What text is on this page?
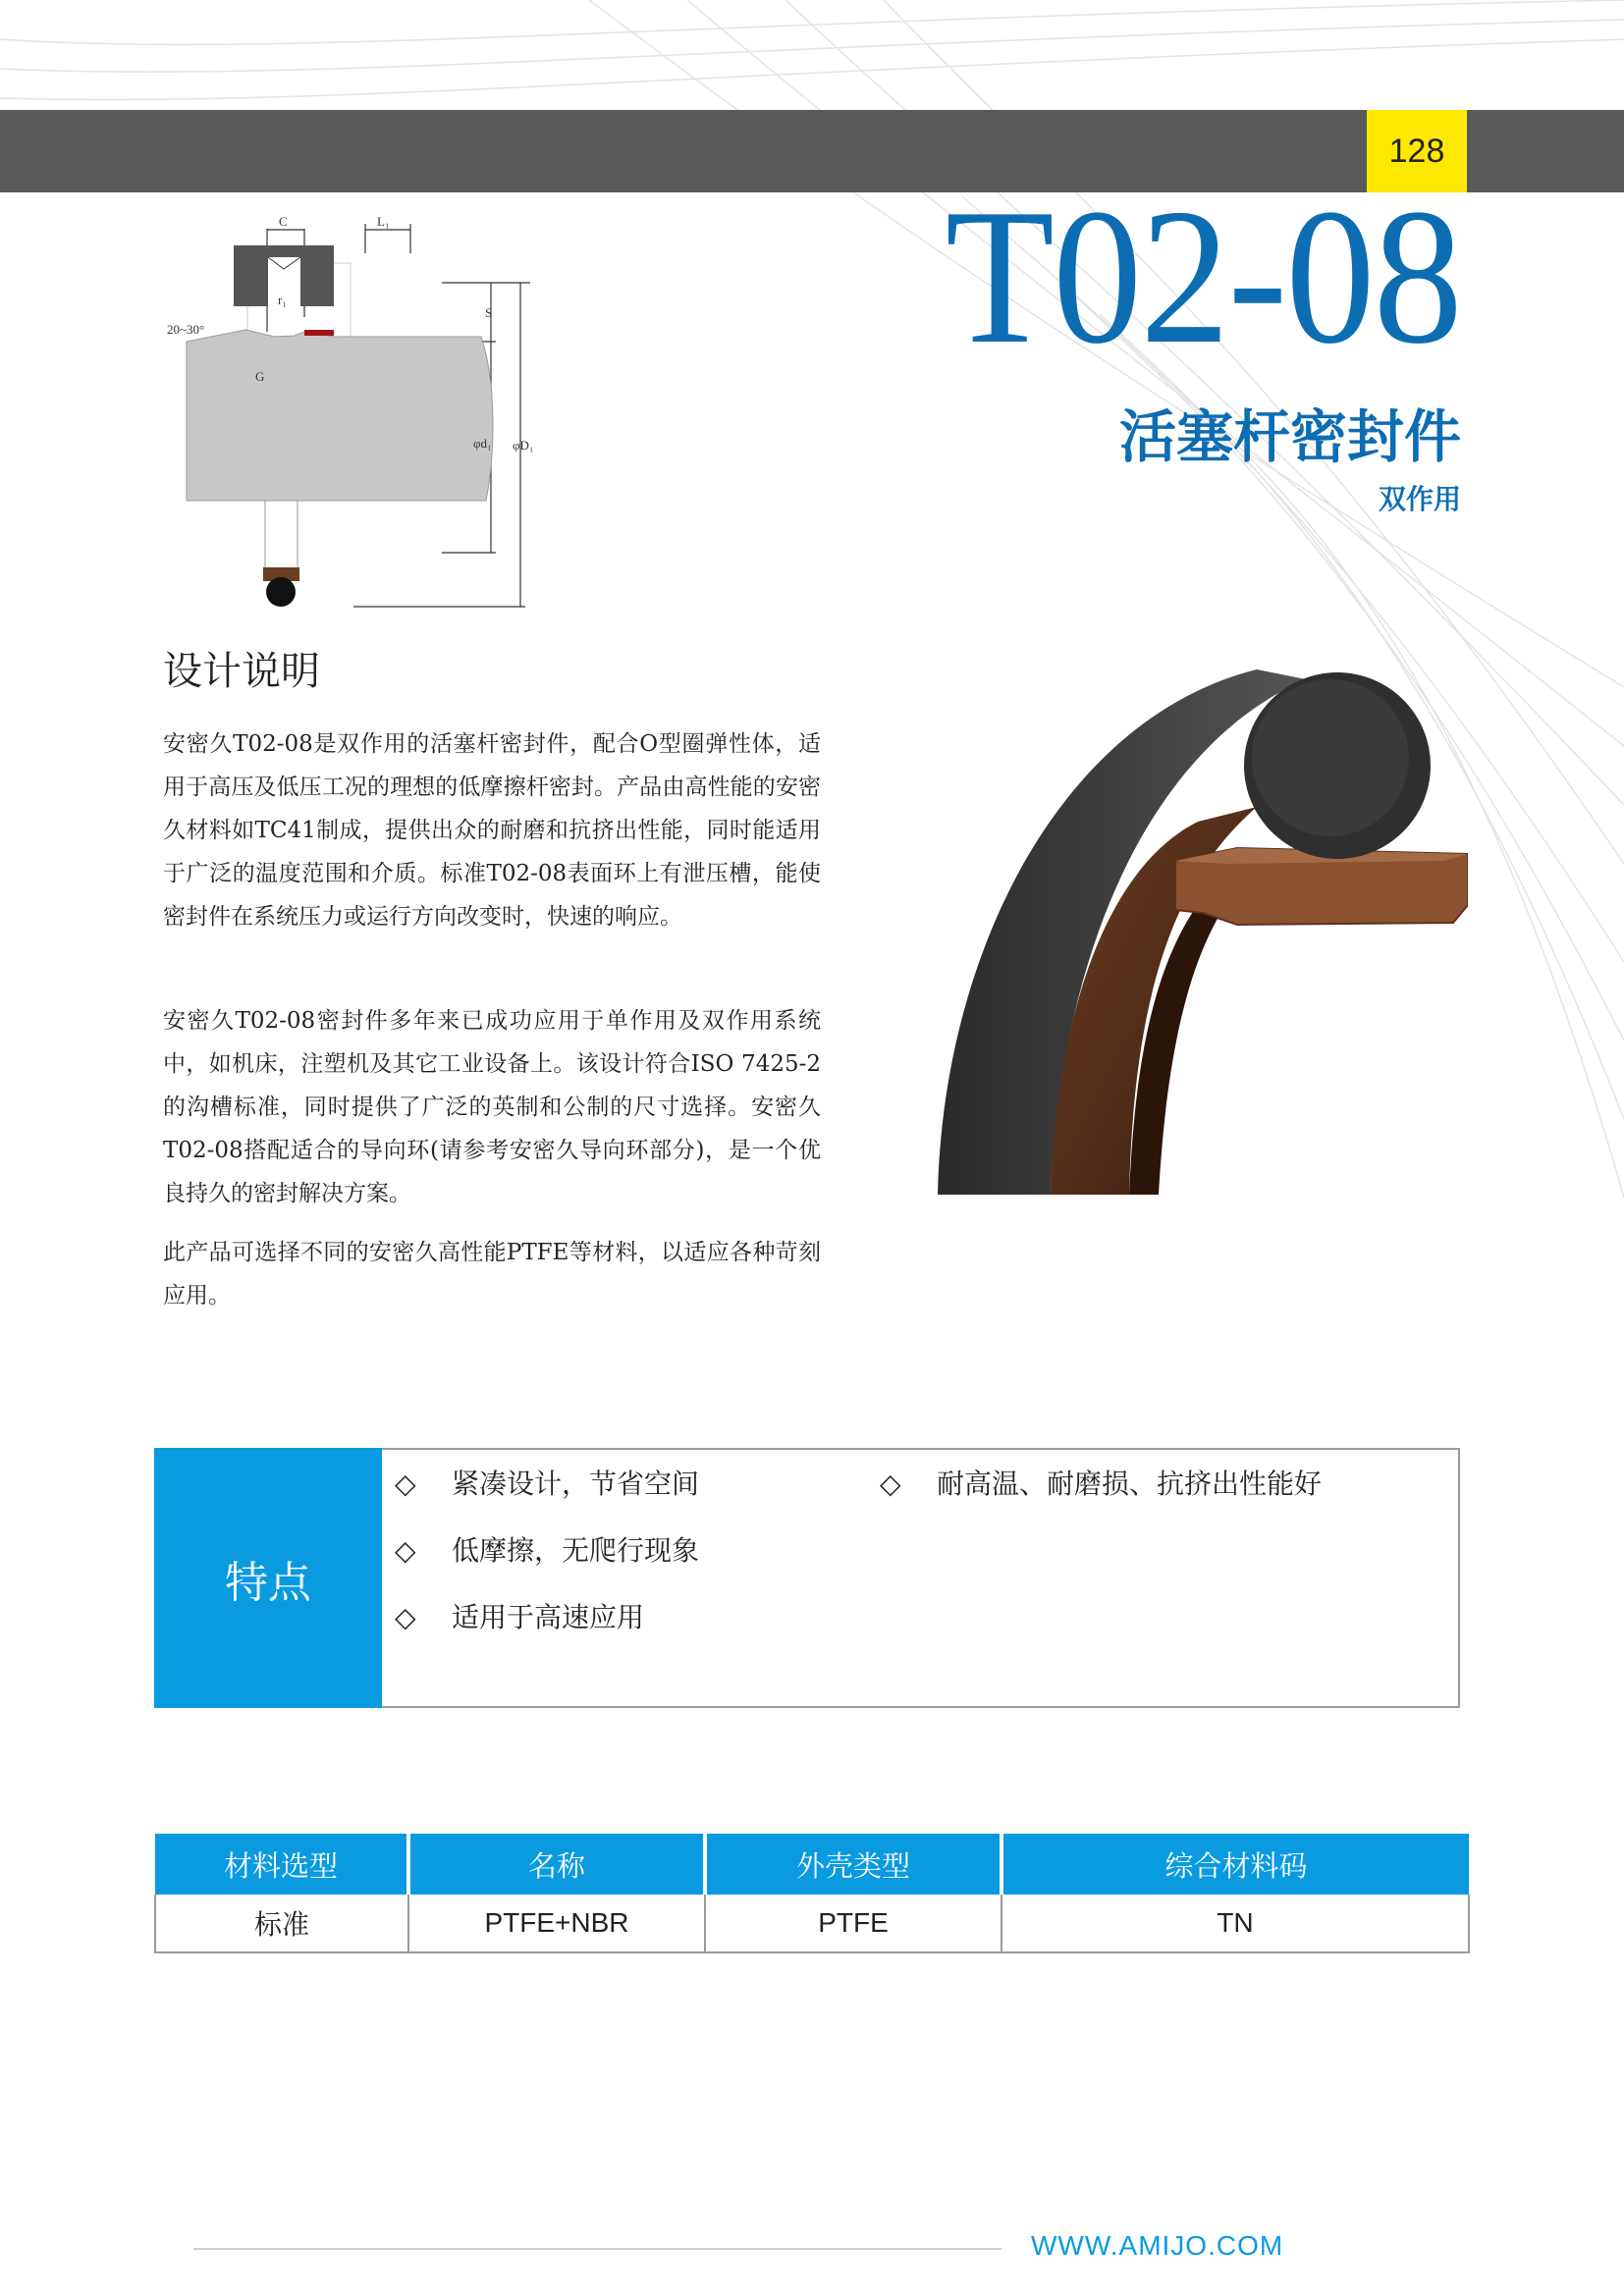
128
T02-08
活塞杆密封件
双作用
C	L₁
20~30°
r₁
S
G
φd₁ φD₁
设计说明
安密久T02-08是双作用的活塞杆密封件，配合O型圈弹性体，适用于高压及低压工况的理想的低摩擦杆密封。产品由高性能的安密久材料如TC41制成，提供出众的耐磨和抗挤出性能，同时能适用于广泛的温度范围和介质。标准T02-08表面环上有泄压槽，能使密封件在系统压力或运行方向改变时，快速的响应。
安密久T02-08密封件多年来已成功应用于单作用及双作用系统中，如机床，注塑机及其它工业设备上。该设计符合ISO 7425-2的沟槽标准，同时提供了广泛的英制和公制的尺寸选择。安密久T02-08搭配适合的导向环(请参考安密久导向环部分)，是一个优良持久的密封解决方案。
此产品可选择不同的安密久高性能PTFE等材料，以适应各种苛刻应用。
特点
◇ 紧凑设计，节省空间	◇ 耐高温、耐磨损、抗挤出性能好
◇ 低摩擦，无爬行现象
◇ 适用于高速应用
材料选型	名称	外壳类型	综合材料码
标准	PTFE+NBR	PTFE	TN
WWW.AMIJO.COM
